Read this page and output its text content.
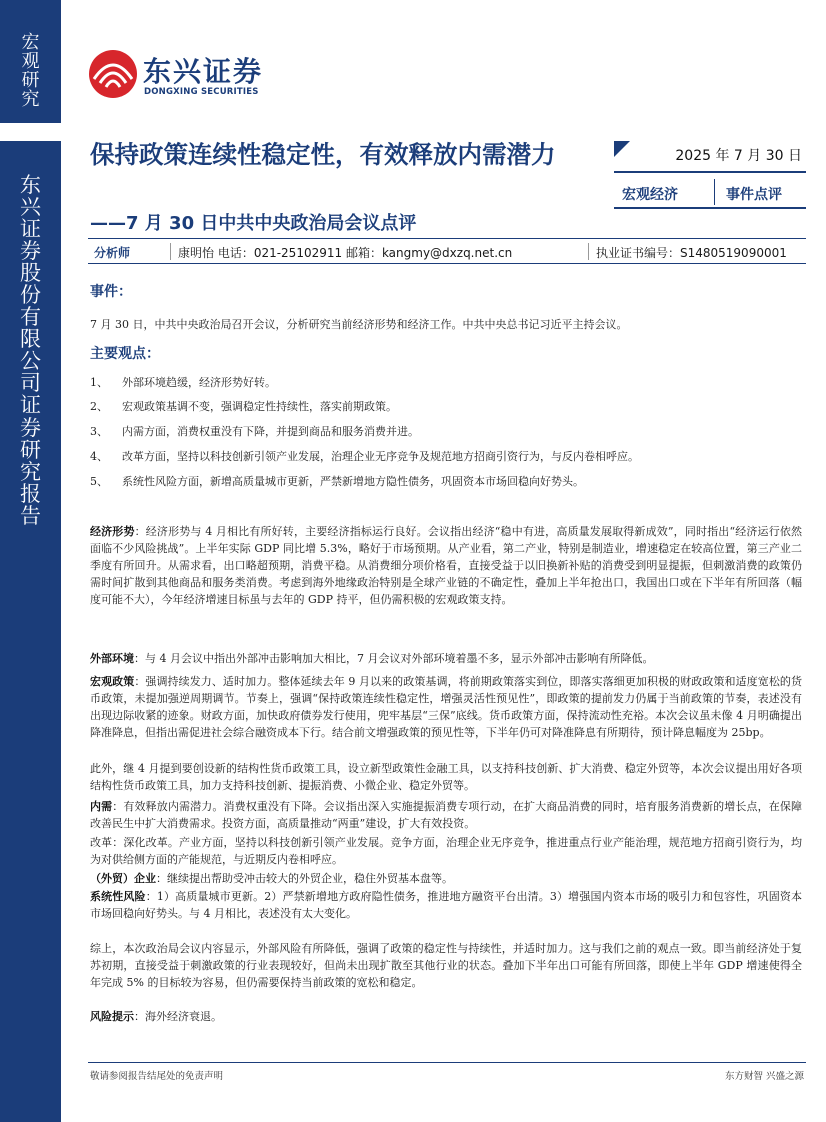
宏
观
研
究
东
兴
证
券
股
份
有
限
公
司
证
券
研
究
报
告
东兴证券
DONGXING SECURITIES
保持政策连续性稳定性，有效释放内需潜力
——7 月 30 日中共中央政治局会议点评
2025 年 7 月 30 日
宏观经济	事件点评
分析师	康明怡 电话：021-25102911 邮箱：kangmy@dxzq.net.cn	执业证书编号：S1480519090001
事件：
7 月 30 日，中共中央政治局召开会议，分析研究当前经济形势和经济工作。中共中央总书记习近平主持会议。
主要观点：
1、 外部环境趋缓，经济形势好转。
2、 宏观政策基调不变，强调稳定性持续性，落实前期政策。
3、 内需方面，消费权重没有下降，并提到商品和服务消费并进。
4、 改革方面，坚持以科技创新引领产业发展，治理企业无序竞争及规范地方招商引资行为，与反内卷相呼应。
5、 系统性风险方面，新增高质量城市更新，严禁新增地方隐性债务，巩固资本市场回稳向好势头。
经济形势：经济形势与 4 月相比有所好转，主要经济指标运行良好。会议指出经济“稳中有进，高质量发展取得新成效”，同时指出“经济运行依然面临不少风险挑战”。上半年实际 GDP 同比增 5.3%，略好于市场预期。从产业看，第二产业，特别是制造业，增速稳定在较高位置，第三产业二季度有所回升。从需求看，出口略超预期，消费平稳。从消费细分项价格看，直接受益于以旧换新补贴的消费受到明显提振，但刺激消费的政策仍需时间扩散到其他商品和服务类消费。考虑到海外地缘政治特别是全球产业链的不确定性，叠加上半年抢出口，我国出口或在下半年有所回落（幅度可能不大），今年经济增速目标虽与去年的 GDP 持平，但仍需积极的宏观政策支持。
外部环境：与 4 月会议中指出外部冲击影响加大相比，7 月会议对外部环境着墨不多，显示外部冲击影响有所降低。
宏观政策：强调持续发力、适时加力。整体延续去年 9 月以来的政策基调，将前期政策落实到位，即落实落细更加积极的财政政策和适度宽松的货币政策，未提加强逆周期调节。节奏上，强调“保持政策连续性稳定性，增强灵活性预见性”，即政策的提前发力仍属于当前政策的节奏，表述没有出现边际收紧的迹象。财政方面，加快政府债券发行使用，兜牢基层“三保”底线。货币政策方面，保持流动性充裕。本次会议虽未像 4 月明确提出降准降息，但指出需促进社会综合融资成本下行。结合前文增强政策的预见性等，下半年仍可对降准降息有所期待，预计降息幅度为 25bp。
此外，继 4 月提到要创设新的结构性货币政策工具，设立新型政策性金融工具，以支持科技创新、扩大消费、稳定外贸等，本次会议提出用好各项结构性货币政策工具，加力支持科技创新、提振消费、小微企业、稳定外贸等。
内需：有效释放内需潜力。消费权重没有下降。会议指出深入实施提振消费专项行动，在扩大商品消费的同时，培育服务消费新的增长点，在保障改善民生中扩大消费需求。投资方面，高质量推动“两重”建设，扩大有效投资。
改革：深化改革。产业方面，坚持以科技创新引领产业发展。竞争方面，治理企业无序竞争，推进重点行业产能治理，规范地方招商引资行为，均为对供给侧方面的产能规范，与近期反内卷相呼应。
（外贸）企业：继续提出帮助受冲击较大的外贸企业，稳住外贸基本盘等。
系统性风险：1）高质量城市更新。2）严禁新增地方政府隐性债务，推进地方融资平台出清。3）增强国内资本市场的吸引力和包容性，巩固资本市场回稳向好势头。与 4 月相比，表述没有太大变化。
综上，本次政治局会议内容显示，外部风险有所降低，强调了政策的稳定性与持续性，并适时加力。这与我们之前的观点一致。即当前经济处于复苏初期，直接受益于刺激政策的行业表现较好，但尚未出现扩散至其他行业的状态。叠加下半年出口可能有所回落，即使上半年 GDP 增速使得全年完成 5% 的目标较为容易，但仍需要保持当前政策的宽松和稳定。
风险提示：海外经济衰退。
敬请参阅报告结尾处的免责声明	东方财智 兴盛之源
